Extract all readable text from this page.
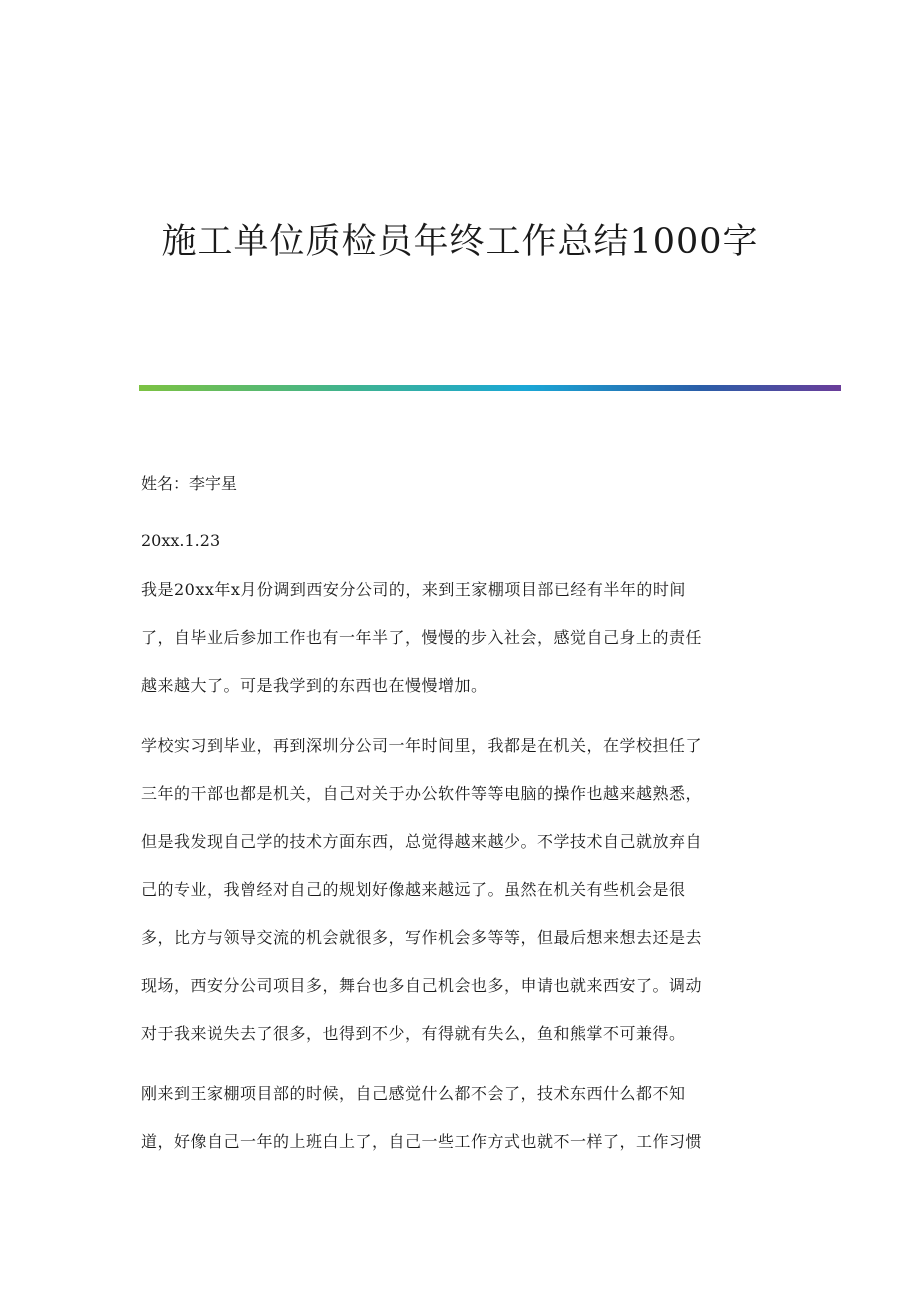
施工单位质检员年终工作总结1000字

姓名：李宇星

20xx.1.23

我是20xx年x月份调到西安分公司的，来到王家棚项目部已经有半年的时间
了，自毕业后参加工作也有一年半了，慢慢的步入社会，感觉自己身上的责任
越来越大了。可是我学到的东西也在慢慢增加。

学校实习到毕业，再到深圳分公司一年时间里，我都是在机关，在学校担任了
三年的干部也都是机关，自己对关于办公软件等等电脑的操作也越来越熟悉，
但是我发现自己学的技术方面东西，总觉得越来越少。不学技术自己就放弃自
己的专业，我曾经对自己的规划好像越来越远了。虽然在机关有些机会是很
多，比方与领导交流的机会就很多，写作机会多等等，但最后想来想去还是去
现场，西安分公司项目多，舞台也多自己机会也多，申请也就来西安了。调动
对于我来说失去了很多，也得到不少，有得就有失么，鱼和熊掌不可兼得。

刚来到王家棚项目部的时候，自己感觉什么都不会了，技术东西什么都不知
道，好像自己一年的上班白上了，自己一些工作方式也就不一样了，工作习惯
